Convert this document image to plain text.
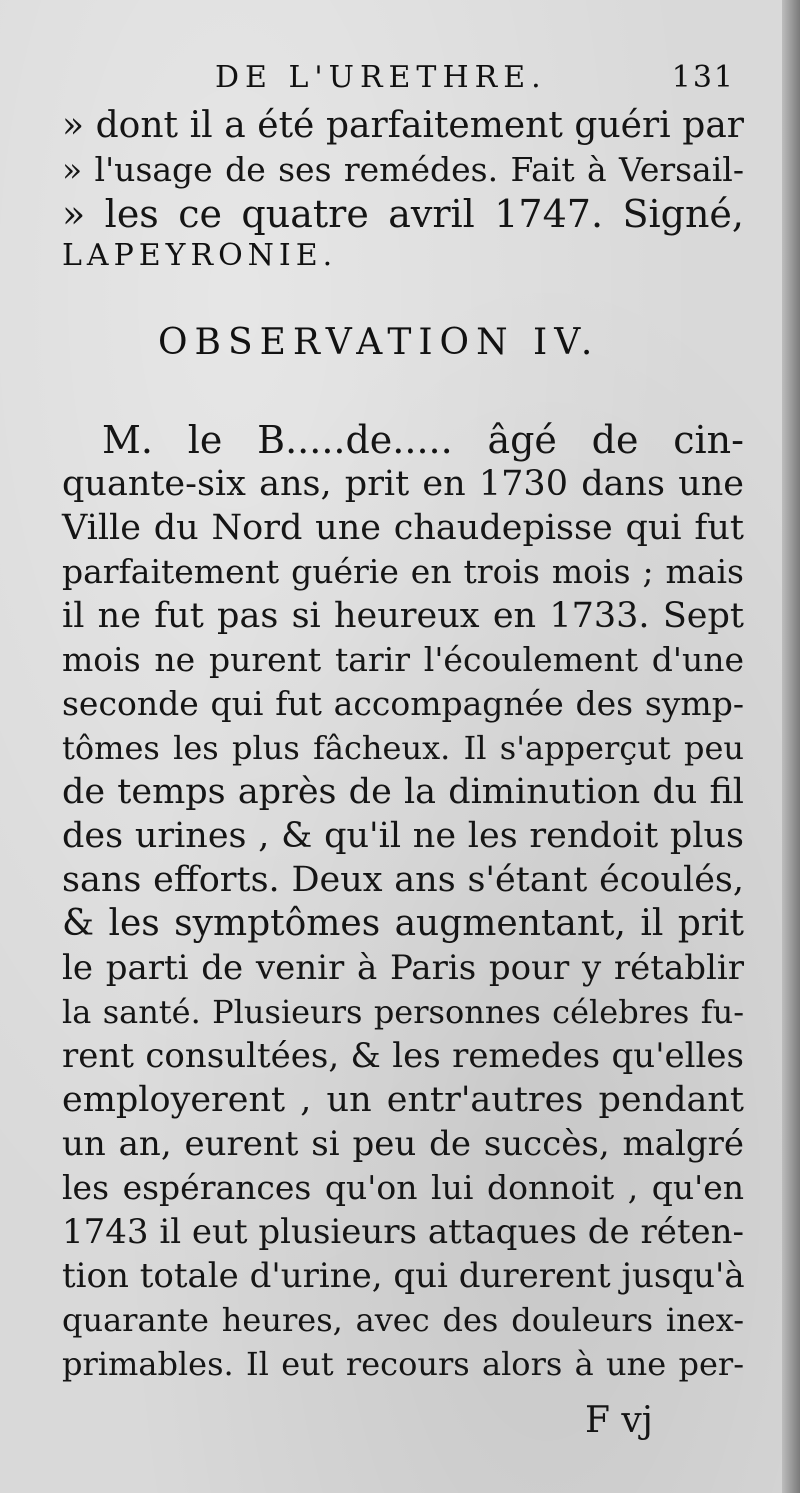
DE L'URETHRE.	131
» dont il a été parfaitement guéri par
» l'usage de ses remédes. Fait à Versail-
» les ce quatre avril 1747. Signé,
LAPEYRONIE.
OBSERVATION IV.
M. le B.....de..... âgé de cin-
quante-six ans, prit en 1730 dans une
Ville du Nord une chaudepisse qui fut
parfaitement guérie en trois mois ; mais
il ne fut pas si heureux en 1733. Sept
mois ne purent tarir l'écoulement d'une
seconde qui fut accompagnée des symp-
tômes les plus fâcheux. Il s'apperçut peu
de temps après de la diminution du fil
des urines , & qu'il ne les rendoit plus
sans efforts. Deux ans s'étant écoulés,
& les symptômes augmentant, il prit
le parti de venir à Paris pour y rétablir
la santé. Plusieurs personnes célebres fu-
rent consultées, & les remedes qu'elles
employerent , un entr'autres pendant
un an, eurent si peu de succès, malgré
les espérances qu'on lui donnoit , qu'en
1743 il eut plusieurs attaques de réten-
tion totale d'urine, qui durerent jusqu'à
quarante heures, avec des douleurs inex-
primables. Il eut recours alors à une per-
F vj
